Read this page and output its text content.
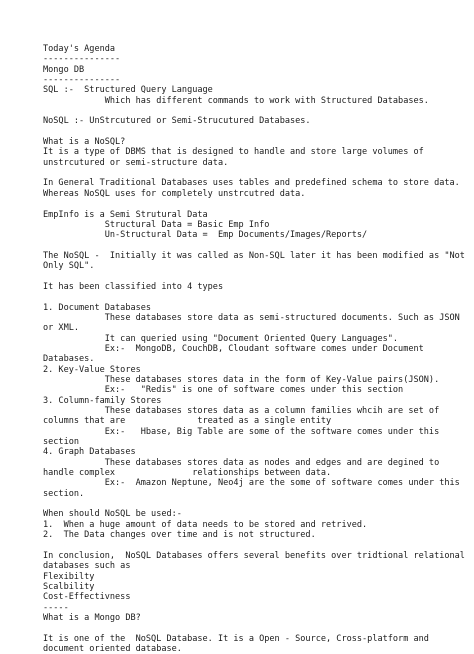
Today's Agenda
---------------
Mongo DB
---------------
SQL :-  Structured Query Language
Which has different commands to work with Structured Databases.
NoSQL :- UnStrcutured or Semi-Strucutured Databases.
What is a NoSQL?
It is a type of DBMS that is designed to handle and store large volumes of
unstrcutured or semi-structure data.
In General Traditional Databases uses tables and predefined schema to store data.
Whereas NoSQL uses for completely unstrcutred data.
EmpInfo is a Semi Strutural Data
Structural Data = Basic Emp Info
Un-Structural Data =  Emp Documents/Images/Reports/
The NoSQL -  Initially it was called as Non-SQL later it has been modified as "Not
Only SQL".
It has been classified into 4 types
1. Document Databases
These databases store data as semi-structured documents. Such as JSON
or XML.
It can queried using "Document Oriented Query Languages".
Ex:-  MongoDB, CouchDB, Cloudant software comes under Document
Databases.
2. Key-Value Stores
These databases stores data in the form of Key-Value pairs(JSON).
Ex:-   "Redis" is one of software comes under this section
3. Column-family Stores
These databases stores data as a column families whcih are set of
columns that are              treated as a single entity
Ex:-   Hbase, Big Table are some of the software comes under this
section
4. Graph Databases
These databases stores data as nodes and edges and are degined to
handle complex               relationships between data.
Ex:-  Amazon Neptune, Neo4j are the some of software comes under this
section.
When should NoSQL be used:-
1.  When a huge amount of data needs to be stored and retrived.
2.  The Data changes over time and is not structured.
In conclusion,  NoSQL Databases offers several benefits over tridtional relational
databases such as
Flexibilty
Scalbility
Cost-Effectivness
-----
What is a Mongo DB?
It is one of the  NoSQL Database. It is a Open - Source, Cross-platform and
document oriented database.
